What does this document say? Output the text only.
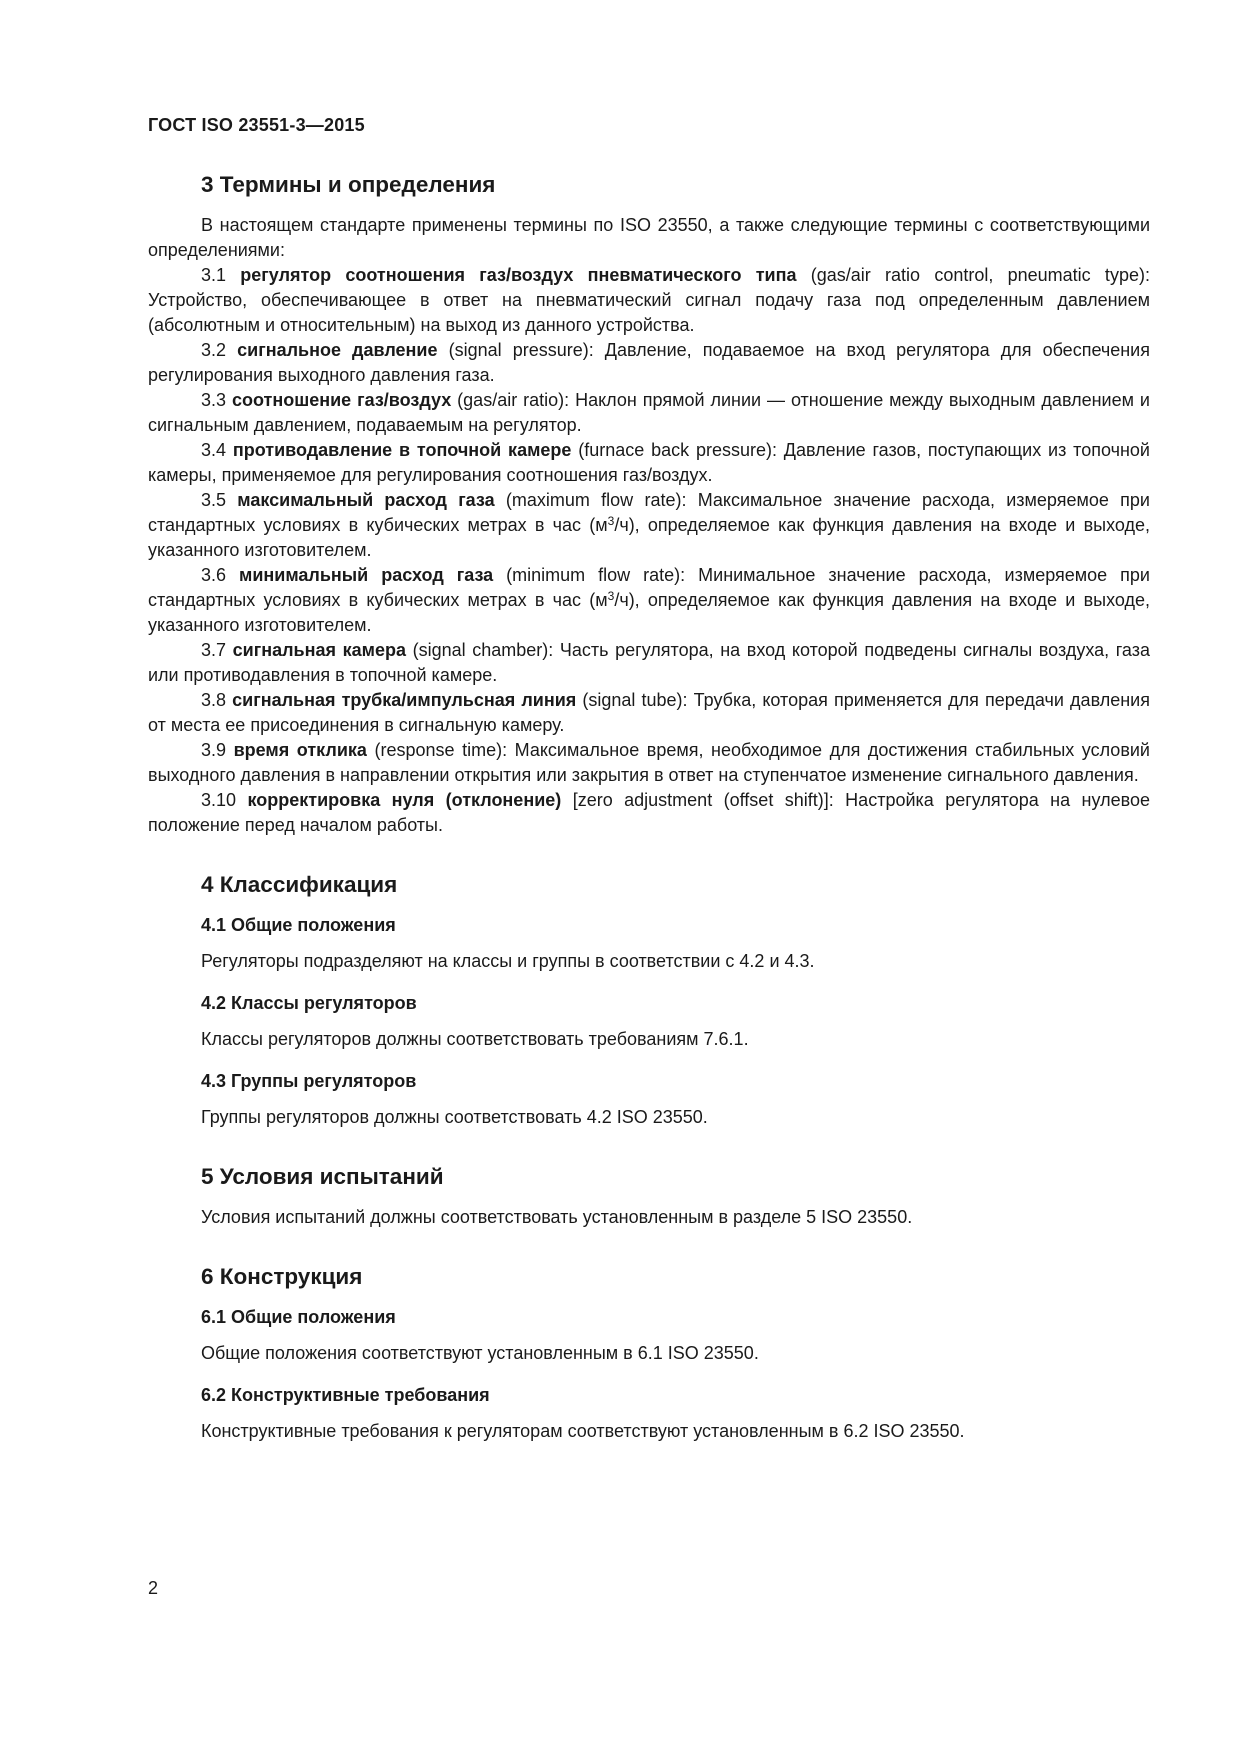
ГОСТ ISO 23551-3—2015
3 Термины и определения

В настоящем стандарте применены термины по ISO 23550, а также следующие термины с соответствующими определениями:

3.1 регулятор соотношения газ/воздух пневматического типа (gas/air ratio control, pneumatic type): Устройство, обеспечивающее в ответ на пневматический сигнал подачу газа под определенным давлением (абсолютным и относительным) на выход из данного устройства.

3.2 сигнальное давление (signal pressure): Давление, подаваемое на вход регулятора для обеспечения регулирования выходного давления газа.

3.3 соотношение газ/воздух (gas/air ratio): Наклон прямой линии — отношение между выходным давлением и сигнальным давлением, подаваемым на регулятор.

3.4 противодавление в топочной камере (furnace back pressure): Давление газов, поступающих из топочной камеры, применяемое для регулирования соотношения газ/воздух.

3.5 максимальный расход газа (maximum flow rate): Максимальное значение расхода, измеряемое при стандартных условиях в кубических метрах в час $(м^3/ч)$, определяемое как функция давления на входе и выходе, указанного изготовителем.

3.6 минимальный расход газа (minimum flow rate): Минимальное значение расхода, измеряемое при стандартных условиях в кубических метрах в час $(м^3/ч)$, определяемое как функция давления на входе и выходе, указанного изготовителем.

3.7 сигнальная камера (signal chamber): Часть регулятора, на вход которой подведены сигналы воздуха, газа или противодавления в топочной камере.

3.8 сигнальная трубка/импульсная линия (signal tube): Трубка, которая применяется для передачи давления от места ее присоединения в сигнальную камеру.

3.9 время отклика (response time): Максимальное время, необходимое для достижения стабильных условий выходного давления в направлении открытия или закрытия в ответ на ступенчатое изменение сигнального давления.

3.10 корректировка нуля (отклонение) [zero adjustment (offset shift)]: Настройка регулятора на нулевое положение перед началом работы.

4 Классификация
4.1 Общие положения

Регуляторы подразделяют на классы и группы в соответствии с 4.2 и 4.3.

4.2 Классы регуляторов

Классы регуляторов должны соответствовать требованиям 7.6.1.

4.3 Группы регуляторов

Группы регуляторов должны соответствовать 4.2 ISO 23550.

5 Условия испытаний

Условия испытаний должны соответствовать установленным в разделе 5 ISO 23550.

6 Конструкция
6.1 Общие положения

Общие положения соответствуют установленным в 6.1 ISO 23550.

6.2 Конструктивные требования

Конструктивные требования к регуляторам соответствуют установленным в 6.2 ISO 23550.

2
